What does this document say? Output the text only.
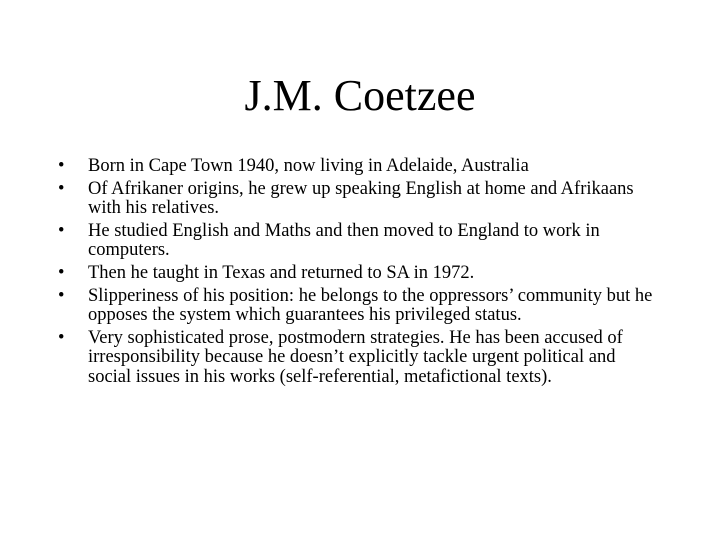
J.M. Coetzee
•	Born in Cape Town 1940, now living in Adelaide, Australia
•	Of Afrikaner origins, he grew up speaking English at home and Afrikaans with his relatives.
•	He studied English and Maths and then moved to England to work in computers.
•	Then he taught in Texas and returned to SA in 1972.
•	Slipperiness of his position: he belongs to the oppressors’ community but he opposes the system which guarantees his privileged status.
•	Very sophisticated prose, postmodern strategies. He has been accused of irresponsibility because he doesn’t explicitly tackle urgent political and social issues in his works (self-referential, metafictional texts).
